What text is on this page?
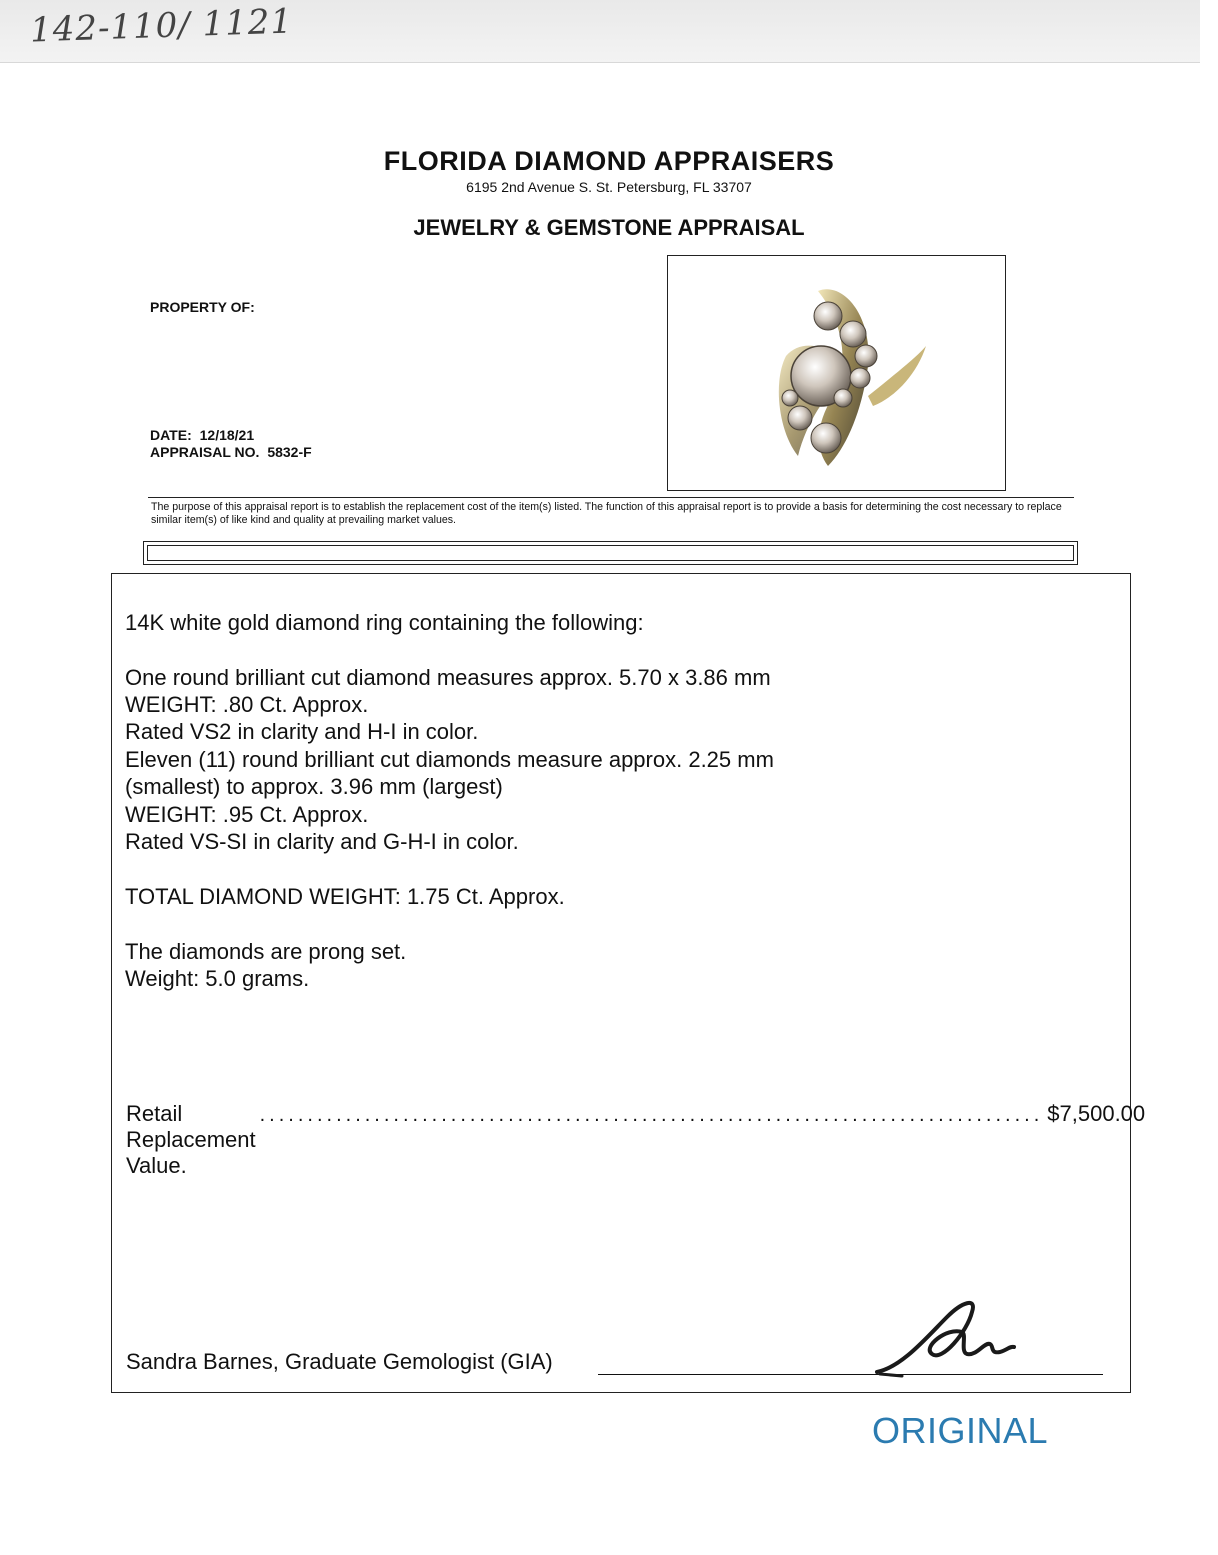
142-110/ 1121
FLORIDA DIAMOND APPRAISERS
6195 2nd Avenue S. St. Petersburg, FL 33707
JEWELRY & GEMSTONE APPRAISAL
PROPERTY OF:
DATE: 12/18/21
APPRAISAL NO. 5832-F
The purpose of this appraisal report is to establish the replacement cost of the item(s) listed. The function of this appraisal report is to provide a basis for determining the cost necessary to replace similar item(s) of like kind and quality at prevailing market values.
14K white gold diamond ring containing the following:
One round brilliant cut diamond measures approx. 5.70 x 3.86 mm
WEIGHT: .80 Ct. Approx.
Rated VS2 in clarity and H-I in color.
Eleven (11) round brilliant cut diamonds measure approx. 2.25 mm
(smallest) to approx. 3.96 mm (largest)
WEIGHT: .95 Ct. Approx.
Rated VS-SI in clarity and G-H-I in color.
TOTAL DIAMOND WEIGHT: 1.75 Ct. Approx.
The diamonds are prong set.
Weight: 5.0 grams.
Retail Replacement Value.
.................................................................................. $7,500.00
Sandra Barnes, Graduate Gemologist (GIA)
ORIGINAL
